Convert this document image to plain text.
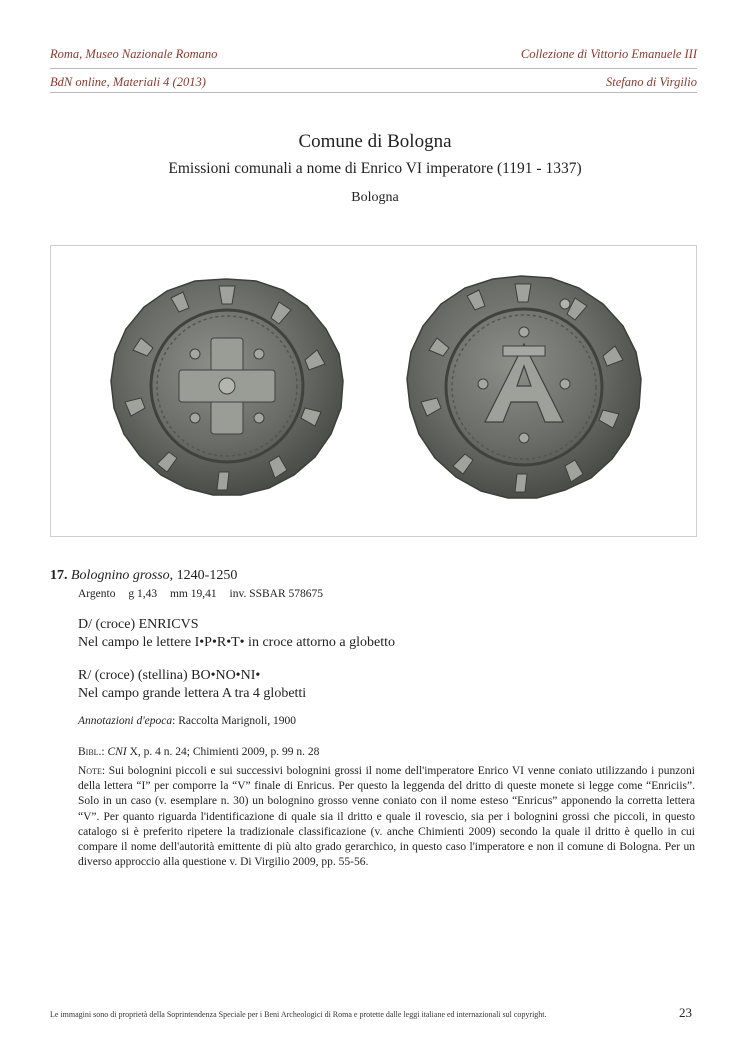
Roma, Museo Nazionale Romano	Collezione di Vittorio Emanuele III
BdN online, Materiali 4 (2013)	Stefano di Virgilio
Comune di Bologna
Emissioni comunali a nome di Enrico VI imperatore (1191 - 1337)
Bologna
17. Bolognino grosso, 1240-1250
Argento g 1,43 mm 19,41 inv. SSBAR 578675
D/ (croce) ENRICVS
Nel campo le lettere I•P•R•T• in croce attorno a globetto
R/ (croce) (stellina) BO•NO•NI•
Nel campo grande lettera A tra 4 globetti
Annotazioni d'epoca: Raccolta Marignoli, 1900
Bibl.: CNI X, p. 4 n. 24; Chimienti 2009, p. 99 n. 28
Note: Sui bolognini piccoli e sui successivi bolognini grossi il nome dell'imperatore Enrico VI venne coniato utilizzando i punzoni della lettera “I” per comporre la “V” finale di Enricus. Per questo la leggenda del dritto di queste monete si legge come “Enriciis”. Solo in un caso (v. esemplare n. 30) un bolognino grosso venne coniato con il nome esteso “Enricus” apponendo la corretta lettera “V”. Per quanto riguarda l'identificazione di quale sia il dritto e quale il rovescio, sia per i bolognini grossi che piccoli, in questo catalogo si è preferito ripetere la tradizionale classificazione (v. anche Chimienti 2009) secondo la quale il dritto è quello in cui compare il nome dell'autorità emittente di più alto grado gerarchico, in questo caso l'imperatore e non il comune di Bologna. Per un diverso approccio alla questione v. Di Virgilio 2009, pp. 55-56.
Le immagini sono di proprietà della Soprintendenza Speciale per i Beni Archeologici di Roma e protette dalle leggi italiane ed internazionali sul copyright.	23
